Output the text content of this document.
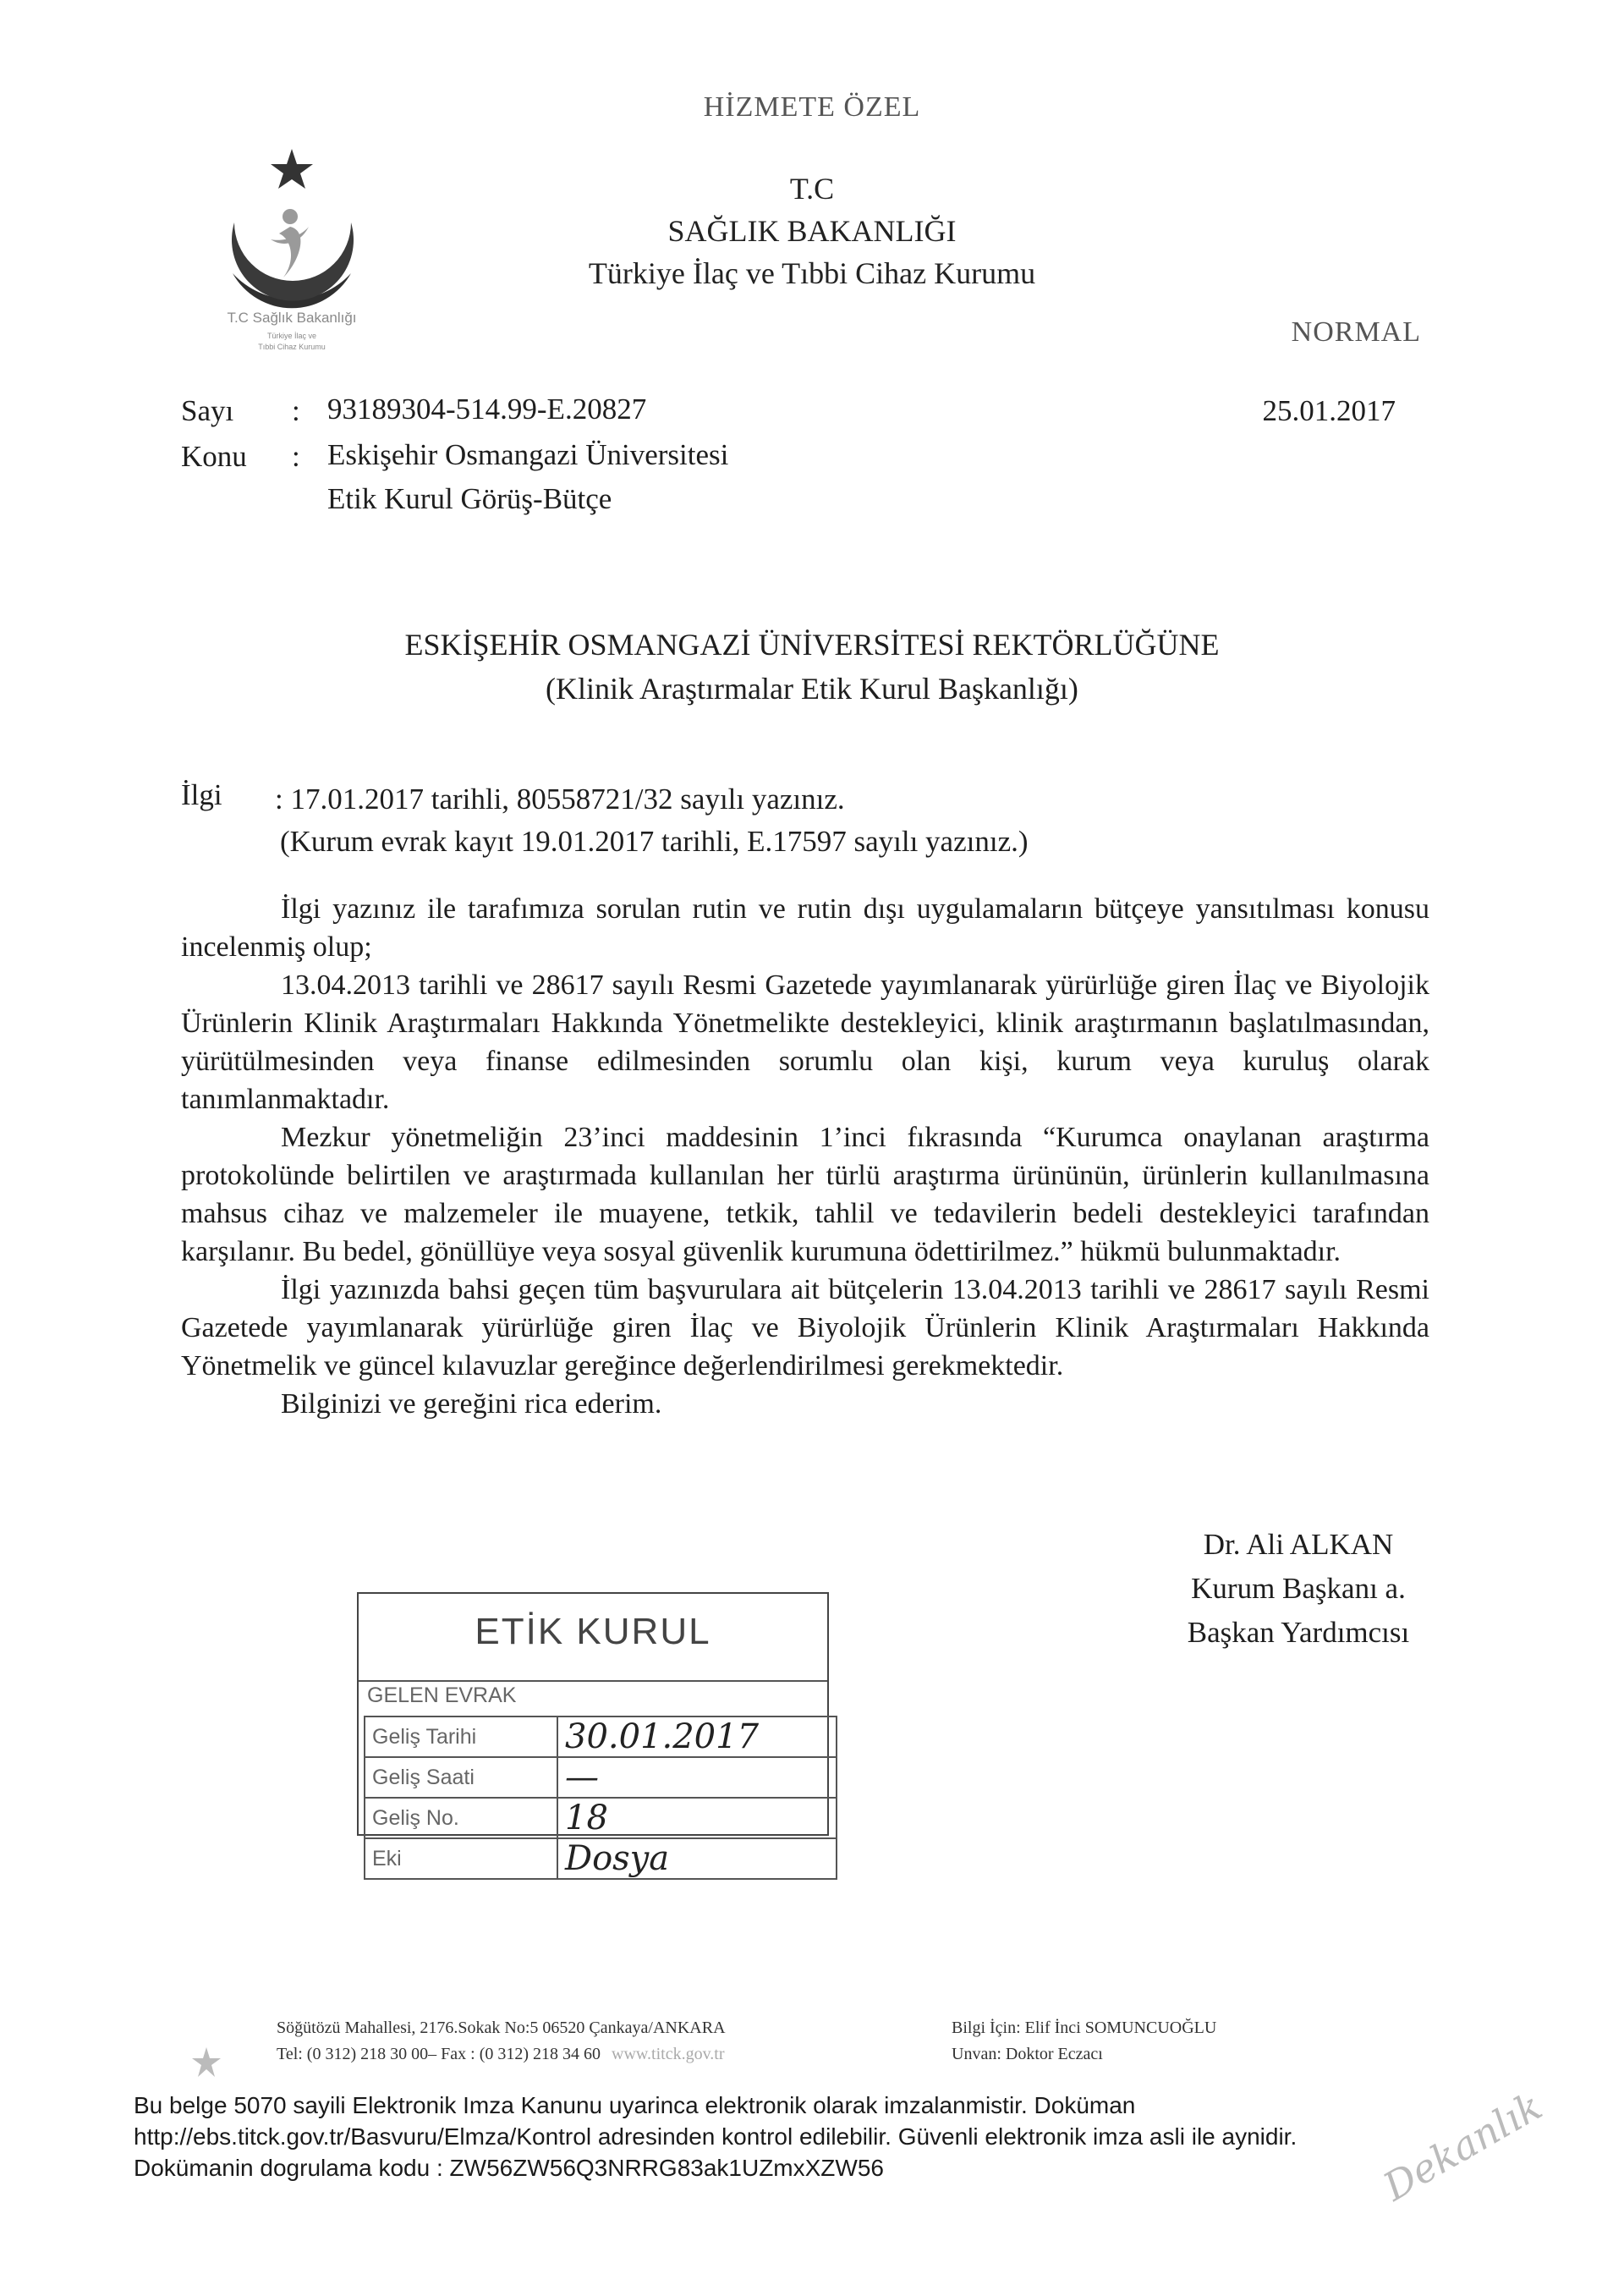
HİZMETE ÖZEL
T.C Sağlık Bakanlığı
Türkiye İlaç ve
Tıbbi Cihaz Kurumu
T.C
SAĞLIK BAKANLIĞI
Türkiye İlaç ve Tıbbi Cihaz Kurumu
NORMAL
Sayı : 93189304-514.99-E.20827	25.01.2017
Konu : Eskişehir Osmangazi Üniversitesi
Etik Kurul Görüş-Bütçe
ESKİŞEHİR OSMANGAZİ ÜNİVERSİTESİ REKTÖRLÜĞÜNE
(Klinik Araştırmalar Etik Kurul Başkanlığı)
İlgi : 17.01.2017 tarihli, 80558721/32 sayılı yazınız.
(Kurum evrak kayıt 19.01.2017 tarihli, E.17597 sayılı yazınız.)

İlgi yazınız ile tarafımıza sorulan rutin ve rutin dışı uygulamaların bütçeye yansıtılması konusu incelenmiş olup;

13.04.2013 tarihli ve 28617 sayılı Resmi Gazetede yayımlanarak yürürlüğe giren İlaç ve Biyolojik Ürünlerin Klinik Araştırmaları Hakkında Yönetmelikte destekleyici, klinik araştırmanın başlatılmasından, yürütülmesinden veya finanse edilmesinden sorumlu olan kişi, kurum veya kuruluş olarak tanımlanmaktadır.

Mezkur yönetmeliğin 23’inci maddesinin 1’inci fıkrasında “Kurumca onaylanan araştırma protokolünde belirtilen ve araştırmada kullanılan her türlü araştırma ürününün, ürünlerin kullanılmasına mahsus cihaz ve malzemeler ile muayene, tetkik, tahlil ve tedavilerin bedeli destekleyici tarafından karşılanır. Bu bedel, gönüllüye veya sosyal güvenlik kurumuna ödettirilmez.” hükmü bulunmaktadır.

İlgi yazınızda bahsi geçen tüm başvurulara ait bütçelerin 13.04.2013 tarihli ve 28617 sayılı Resmi Gazetede yayımlanarak yürürlüğe giren İlaç ve Biyolojik Ürünlerin Klinik Araştırmaları Hakkında Yönetmelik ve güncel kılavuzlar gereğince değerlendirilmesi gerekmektedir.

Bilginizi ve gereğini rica ederim.

Dr. Ali ALKAN
Kurum Başkanı a.
Başkan Yardımcısı
ETİK KURUL
GELEN EVRAK
Geliş Tarihi	30.01.2017
Geliş Saati	—
Geliş No.	18
Eki	Dosya
Söğütözü Mahallesi, 2176.Sokak No:5 06520 Çankaya/ANKARA
Tel: (0 312) 218 30 00– Fax : (0 312) 218 34 60 www.titck.gov.tr
Bilgi İçin: Elif İnci SOMUNCUOĞLU
Unvan: Doktor Eczacı
Bu belge 5070 sayili Elektronik Imza Kanunu uyarinca elektronik olarak imzalanmistir. Doküman
http://ebs.titck.gov.tr/Basvuru/Elmza/Kontrol adresinden kontrol edilebilir. Güvenli elektronik imza asli ile aynidir.
Dokümanin dogrulama kodu : ZW56ZW56Q3NRRG83ak1UZmxXZW56	Dekanlık
